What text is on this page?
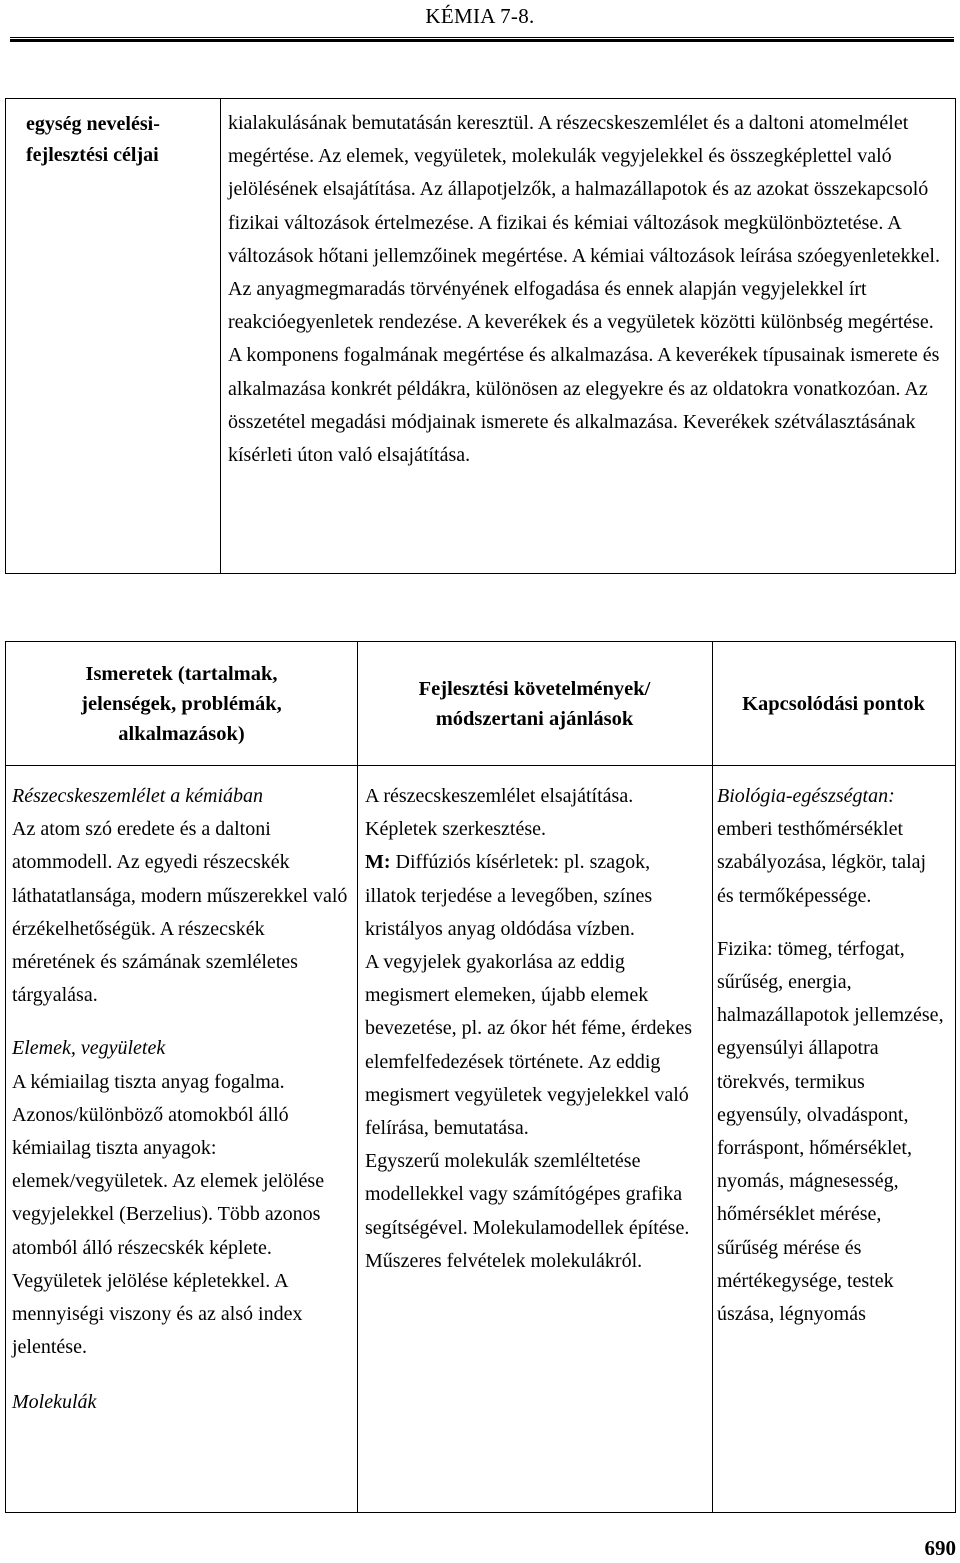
KÉMIA 7-8.
egység nevelési-fejlesztési céljai
kialakulásának bemutatásán keresztül. A részecskeszemlélet és a daltoni atomelmélet megértése. Az elemek, vegyületek, molekulák vegyjelekkel és összegképlettel való jelölésének elsajátítása. Az állapotjelzők, a halmazállapotok és az azokat összekapcsoló fizikai változások értelmezése. A fizikai és kémiai változások megkülönböztetése. A változások hőtani jellemzőinek megértése. A kémiai változások leírása szóegyenletekkel. Az anyagmegmaradás törvényének elfogadása és ennek alapján vegyjelekkel írt reakcióegyenletek rendezése. A keverékek és a vegyületek közötti különbség megértése. A komponens fogalmának megértése és alkalmazása. A keverékek típusainak ismerete és alkalmazása konkrét példákra, különösen az elegyekre és az oldatokra vonatkozóan. Az összetétel megadási módjainak ismerete és alkalmazása. Keverékek szétválasztásának kísérleti úton való elsajátítása.
Ismeretek (tartalmak, jelenségek, problémák, alkalmazások)
Fejlesztési követelmények/ módszertani ajánlások
Kapcsolódási pontok

Részecskeszemlélet a kémiában

Az atom szó eredete és a daltoni atommodell. Az egyedi részecskék láthatatlansága, modern műszerekkel való érzékelhetőségük. A részecskék méretének és számának szemléletes tárgyalása.

Elemek, vegyületek

A kémiailag tiszta anyag fogalma. Azonos/különböző atomokból álló kémiailag tiszta anyagok: elemek/vegyületek. Az elemek jelölése vegyjelekkel (Berzelius). Több azonos atomból álló részecskék képlete. Vegyületek jelölése képletekkel. A mennyiségi viszony és az alsó index jelentése.

Molekulák

A részecskeszemlélet elsajátítása. Képletek szerkesztése.

M: Diffúziós kísérletek: pl. szagok, illatok terjedése a levegőben, színes kristályos anyag oldódása vízben.

A vegyjelek gyakorlása az eddig megismert elemeken, újabb elemek bevezetése, pl. az ókor hét féme, érdekes elemfelfedezések története. Az eddig megismert vegyületek vegyjelekkel való felírása, bemutatása.

Egyszerű molekulák szemléltetése modellekkel vagy számítógépes grafika segítségével. Molekulamodellek építése. Műszeres felvételek molekulákról.

Biológia-egészségtan: emberi testhőmérséklet szabályozása, légkör, talaj és termőképessége.

Fizika: tömeg, térfogat, sűrűség, energia, halmazállapotok jellemzése, egyensúlyi állapotra törekvés, termikus egyensúly, olvadáspont, forráspont, hőmérséklet, nyomás, mágnesesség, hőmérséklet mérése, sűrűség mérése és mértékegysége, testek úszása, légnyomás

690
